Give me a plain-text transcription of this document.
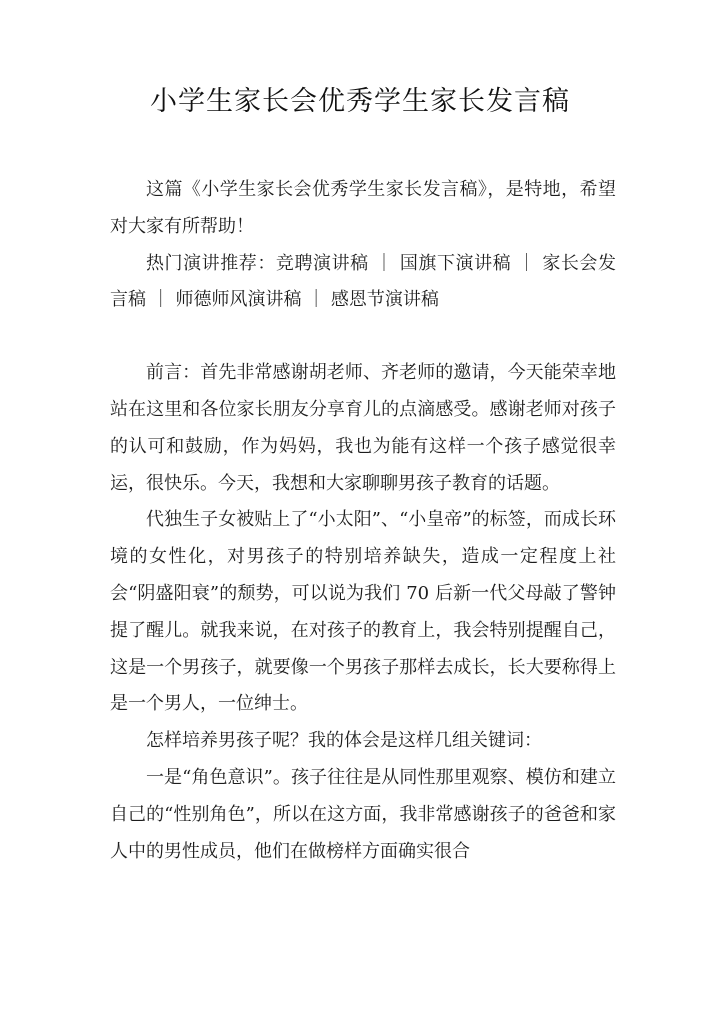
小学生家长会优秀学生家长发言稿

这篇《小学生家长会优秀学生家长发言稿》，是特地，希望对大家有所帮助！

热门演讲推荐：竞聘演讲稿 ｜ 国旗下演讲稿 ｜ 家长会发言稿 ｜ 师德师风演讲稿 ｜ 感恩节演讲稿

前言：首先非常感谢胡老师、齐老师的邀请，今天能荣幸地站在这里和各位家长朋友分享育儿的点滴感受。感谢老师对孩子的认可和鼓励，作为妈妈，我也为能有这样一个孩子感觉很幸运，很快乐。今天，我想和大家聊聊男孩子教育的话题。

代独生子女被贴上了“小太阳”、“小皇帝”的标签，而成长环境的女性化，对男孩子的特别培养缺失，造成一定程度上社会“阴盛阳衰”的颓势，可以说为我们 70 后新一代父母敲了警钟提了醒儿。就我来说，在对孩子的教育上，我会特别提醒自己，这是一个男孩子，就要像一个男孩子那样去成长，长大要称得上是一个男人，一位绅士。

怎样培养男孩子呢？我的体会是这样几组关键词：

一是“角色意识”。孩子往往是从同性那里观察、模仿和建立自己的“性别角色”，所以在这方面，我非常感谢孩子的爸爸和家人中的男性成员，他们在做榜样方面确实很合
